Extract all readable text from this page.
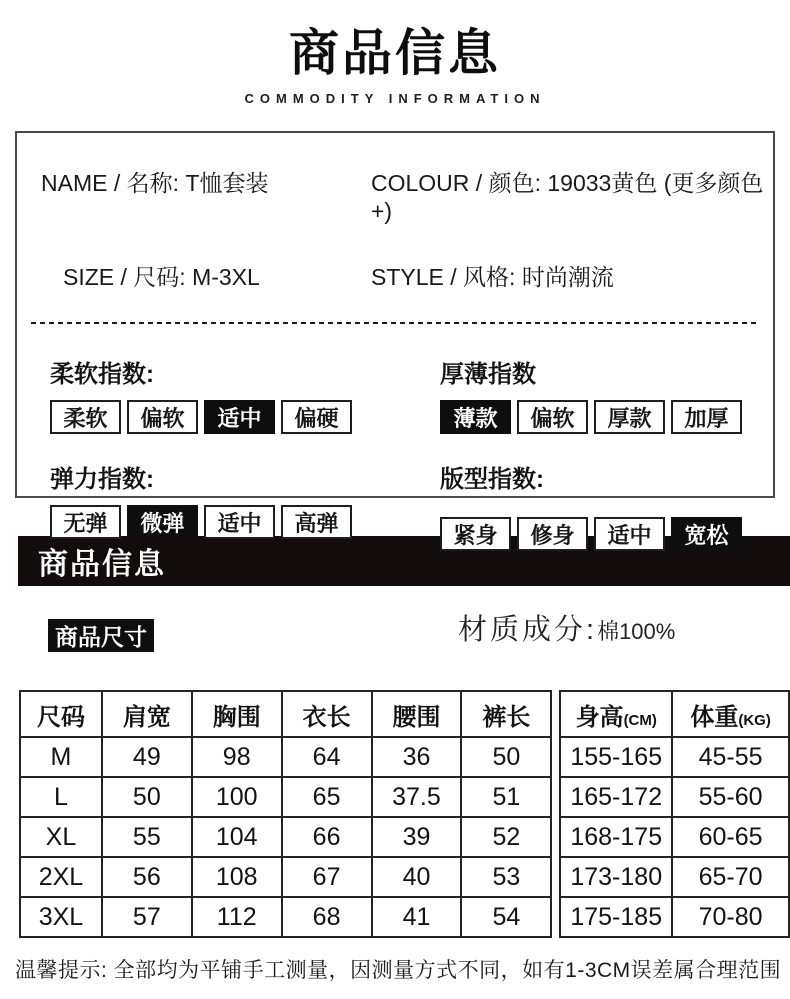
商品信息
COMMODITY INFORMATION
NAME / 名称: T恤套装	COLOUR / 颜色: 19033黄色 (更多颜色+)
SIZE / 尺码: M-3XL	STYLE / 风格: 时尚潮流
柔软指数:
柔软	偏软	适中	偏硬
厚薄指数
薄款	偏软	厚款	加厚
弹力指数:
无弹	微弹	适中	高弹
版型指数:
紧身	修身	适中	宽松
商品信息
商品尺寸	材质成分:棉100%
尺码	肩宽	胸围	衣长	腰围	裤长
M	49	98	64	36	50
L	50	100	65	37.5	51
XL	55	104	66	39	52
2XL	56	108	67	40	53
3XL	57	112	68	41	54
身高(CM)	体重(KG)
155-165	45-55
165-172	55-60
168-175	60-65
173-180	65-70
175-185	70-80

温馨提示: 全部均为平铺手工测量，因测量方式不同，如有1-3CM误差属合理范围
